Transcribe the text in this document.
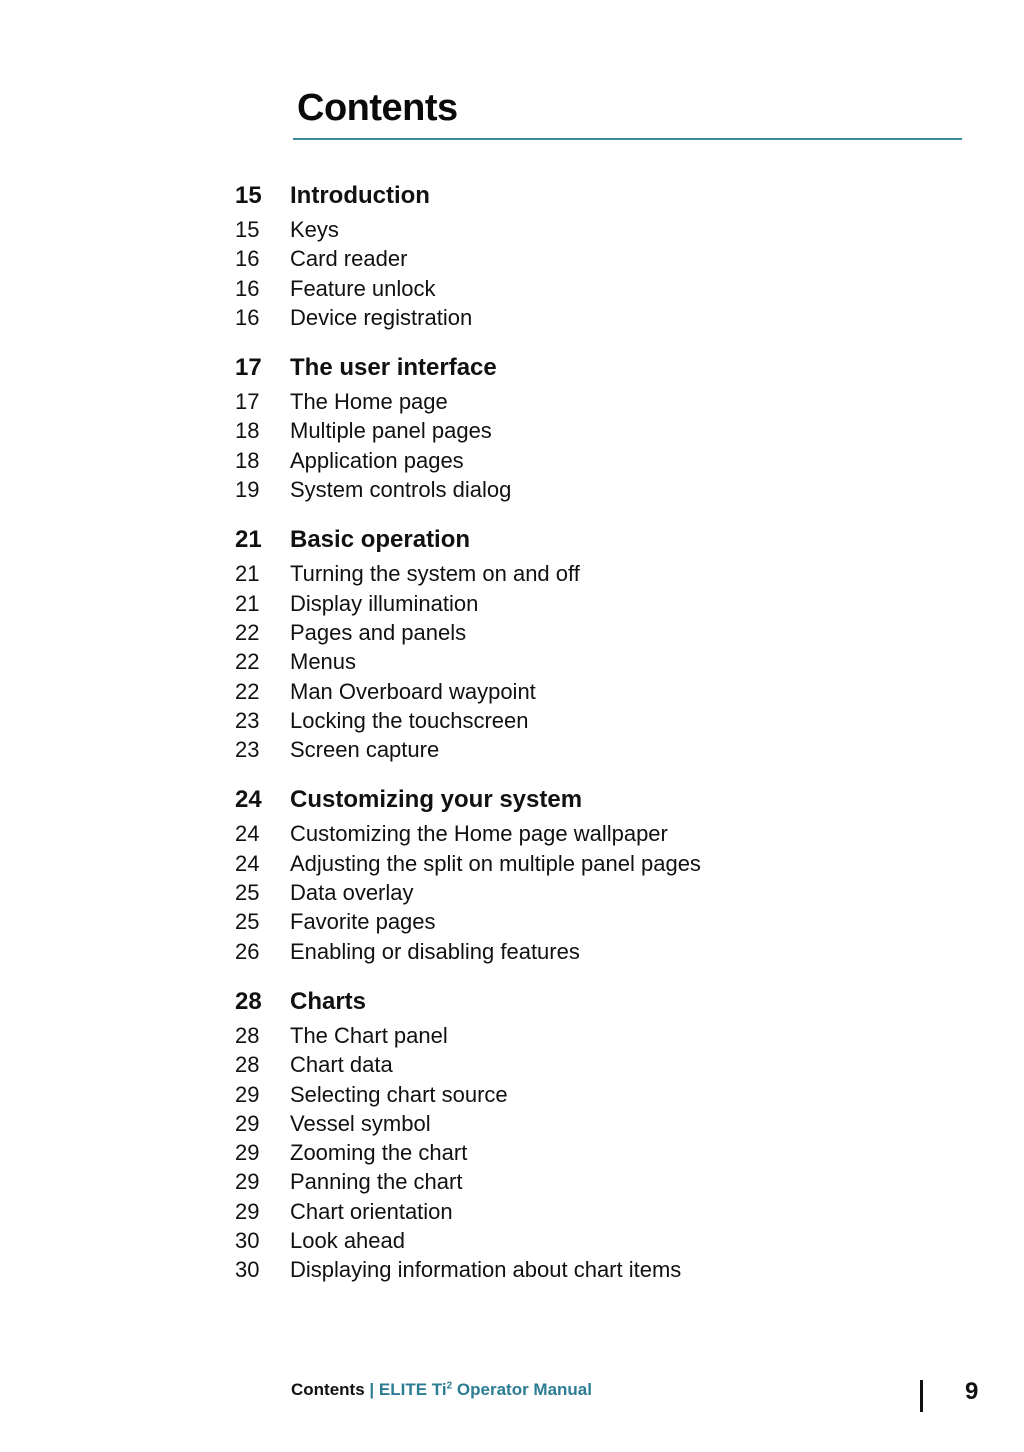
Contents
15	Introduction
15	Keys
16	Card reader
16	Feature unlock
16	Device registration
17	The user interface
17	The Home page
18	Multiple panel pages
18	Application pages
19	System controls dialog
21	Basic operation
21	Turning the system on and off
21	Display illumination
22	Pages and panels
22	Menus
22	Man Overboard waypoint
23	Locking the touchscreen
23	Screen capture
24	Customizing your system
24	Customizing the Home page wallpaper
24	Adjusting the split on multiple panel pages
25	Data overlay
25	Favorite pages
26	Enabling or disabling features
28	Charts
28	The Chart panel
28	Chart data
29	Selecting chart source
29	Vessel symbol
29	Zooming the chart
29	Panning the chart
29	Chart orientation
30	Look ahead
30	Displaying information about chart items
Contents | ELITE Ti$^2$ Operator Manual	9
